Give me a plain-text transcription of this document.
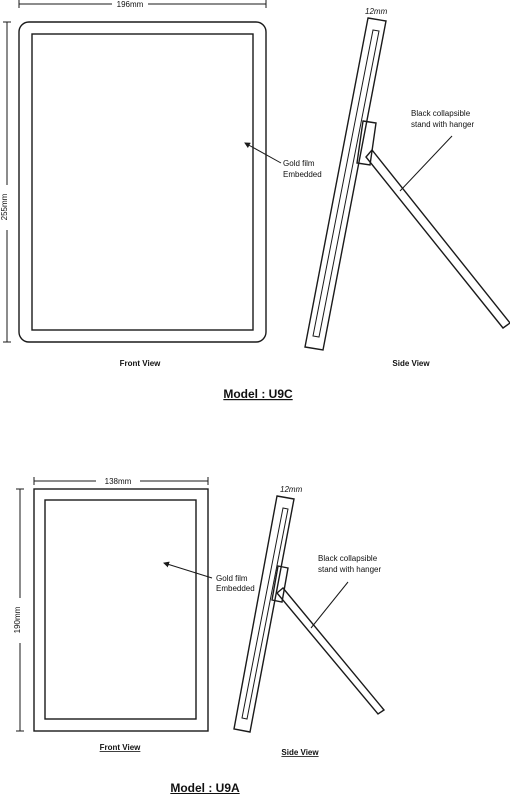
196mm
255mm
Gold film
Embedded
12mm
Black collapsible
stand with hanger
Front View	Side View
Model : U9C
138mm
190mm
Gold film
Embedded
12mm
Black collapsible
stand with hanger
Front View
Side View
Model : U9A
